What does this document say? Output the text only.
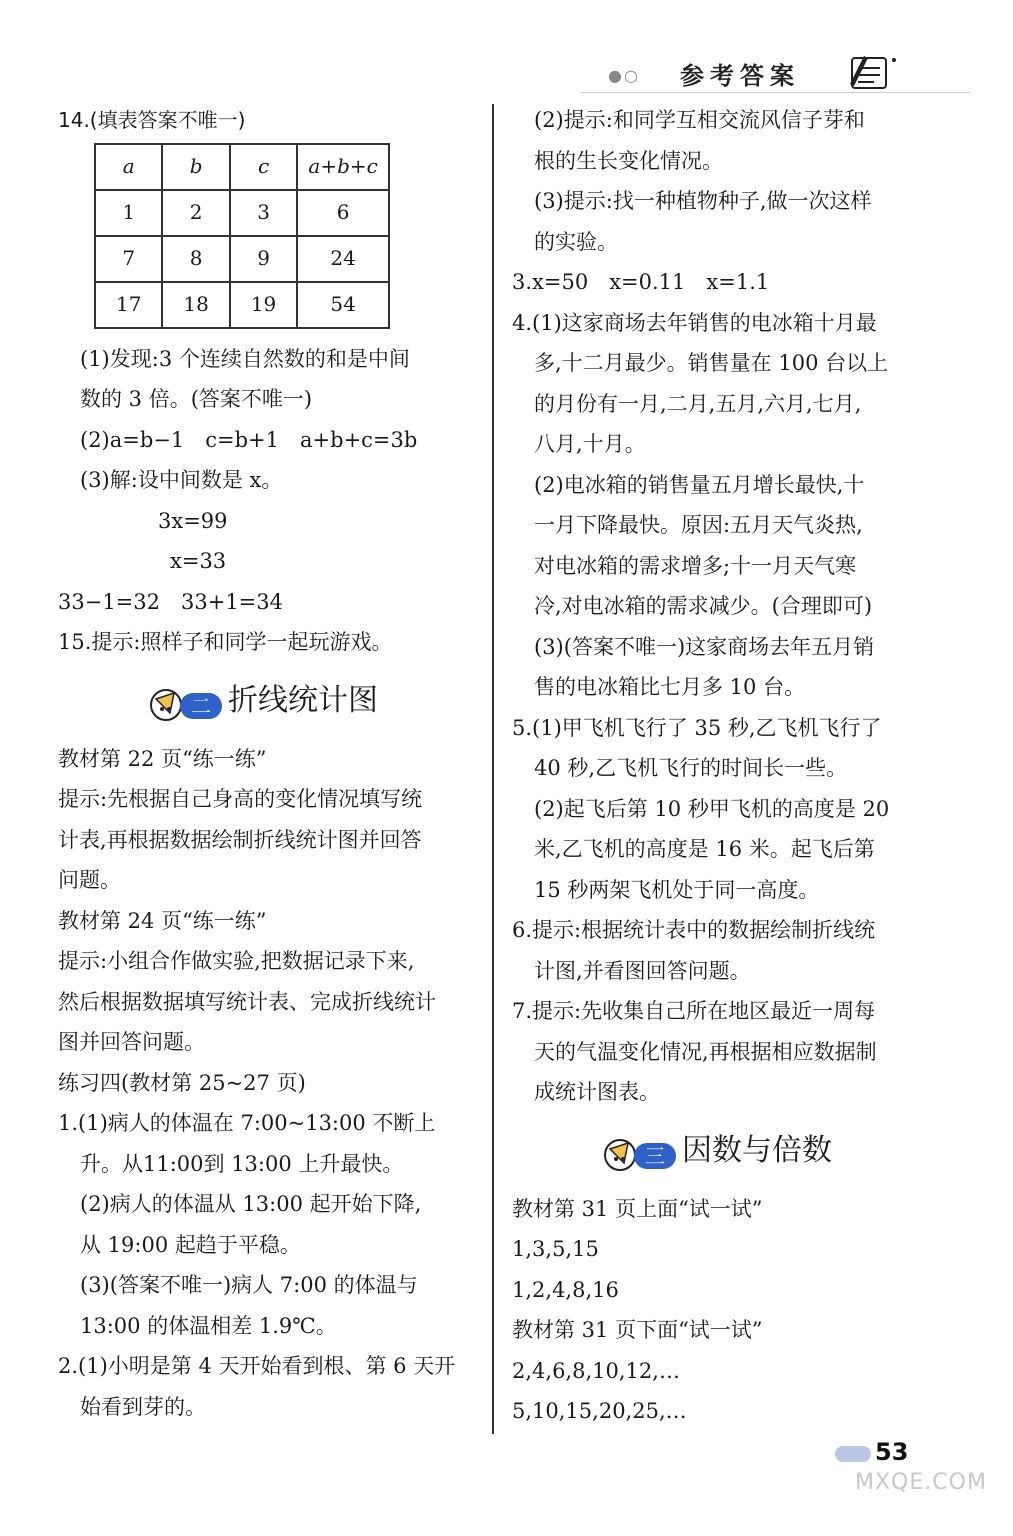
●○ 参考答案
14.(填表答案不唯一)
a	b	c	a+b+c
1	2	3	6
7	8	9	24
17	18	19	54
(1)发现:3 个连续自然数的和是中间
数的 3 倍。(答案不唯一)
(2)a=b−1　c=b+1　a+b+c=3b
(3)解:设中间数是 x。
3x=99
x=33
33−1=32　33+1=34
15.提示:照样子和同学一起玩游戏。
二 折线统计图
教材第 22 页“练一练”
提示:先根据自己身高的变化情况填写统
计表,再根据数据绘制折线统计图并回答
问题。
教材第 24 页“练一练”
提示:小组合作做实验,把数据记录下来,
然后根据数据填写统计表、完成折线统计
图并回答问题。
练习四(教材第 25~27 页)
1.(1)病人的体温在 7:00~13:00 不断上
升。从11:00到 13:00 上升最快。
(2)病人的体温从 13:00 起开始下降,
从 19:00 起趋于平稳。
(3)(答案不唯一)病人 7:00 的体温与
13:00 的体温相差 1.9℃。
2.(1)小明是第 4 天开始看到根、第 6 天开
始看到芽的。
(2)提示:和同学互相交流风信子芽和
根的生长变化情况。
(3)提示:找一种植物种子,做一次这样
的实验。
3.x=50　x=0.11　x=1.1
4.(1)这家商场去年销售的电冰箱十月最
多,十二月最少。销售量在 100 台以上
的月份有一月,二月,五月,六月,七月,
八月,十月。
(2)电冰箱的销售量五月增长最快,十
一月下降最快。原因:五月天气炎热,
对电冰箱的需求增多;十一月天气寒
冷,对电冰箱的需求减少。(合理即可)
(3)(答案不唯一)这家商场去年五月销
售的电冰箱比七月多 10 台。
5.(1)甲飞机飞行了 35 秒,乙飞机飞行了
40 秒,乙飞机飞行的时间长一些。
(2)起飞后第 10 秒甲飞机的高度是 20
米,乙飞机的高度是 16 米。起飞后第
15 秒两架飞机处于同一高度。
6.提示:根据统计表中的数据绘制折线统
计图,并看图回答问题。
7.提示:先收集自己所在地区最近一周每
天的气温变化情况,再根据相应数据制
成统计图表。
三 因数与倍数
教材第 31 页上面“试一试”
1,3,5,15
1,2,4,8,16
教材第 31 页下面“试一试”
2,4,6,8,10,12,…
5,10,15,20,25,…
53
MXQE.COM
